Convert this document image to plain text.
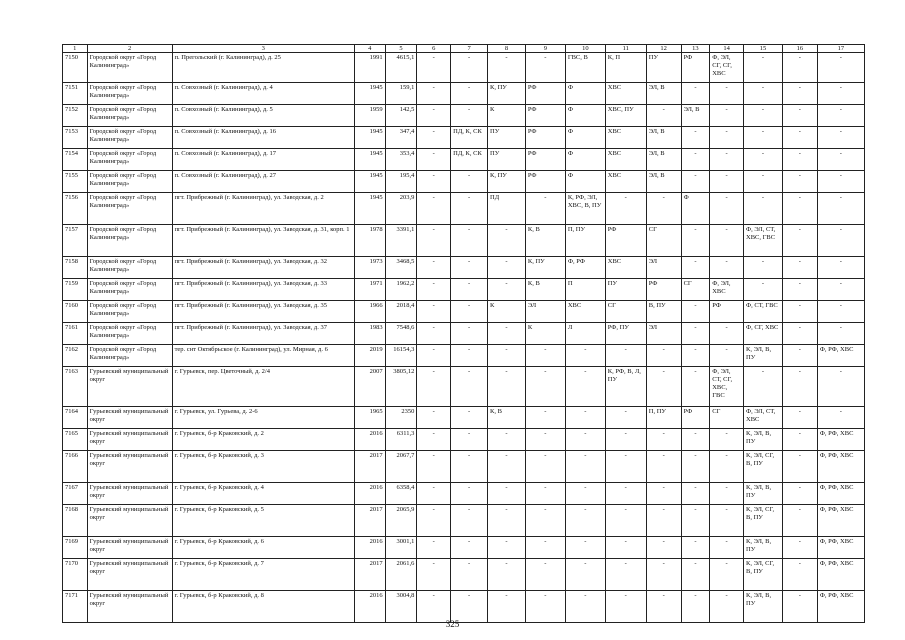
1	2	3	4	5	6	7	8	9	10	11	12	13	14	15	16	17
7150	Городской округ «Город Калининград»	п. Прегольский (г. Калининград), д. 25	1991	4615,1	-	-	-	-	ГВС, В	К, П	ПУ	РФ	Ф, ЭЛ, СГ, СГ, ХВС	-	-	-
7151	Городской округ «Город Калининград»	п. Совхозный (г. Калининград), д. 4	1945	159,1	-	-	К, ПУ	РФ	Ф	ХВС	ЭЛ, В	-	-	-	-	-
7152	Городской округ «Город Калининград»	п. Совхозный (г. Калининград), д. 5	1959	142,5	-	-	К	РФ	Ф	ХВС, ПУ	-	ЭЛ, В	-	-	-	-
7153	Городской округ «Город Калининград»	п. Совхозный (г. Калининград), д. 16	1945	347,4	-	ПД, К, СК	ПУ	РФ	Ф	ХВС	ЭЛ, В	-	-	-	-	-
7154	Городской округ «Город Калининград»	п. Совхозный (г. Калининград), д. 17	1945	353,4	-	ПД, К, СК	ПУ	РФ	Ф	ХВС	ЭЛ, В	-	-	-	-	-
7155	Городской округ «Город Калининград»	п. Совхозный (г. Калининград), д. 27	1945	195,4	-	-	К, ПУ	РФ	Ф	ХВС	ЭЛ, В	-	-	-	-	-
7156	Городской округ «Город Калининград»	пгт. Прибрежный (г. Калининград), ул. Заводская, д. 2	1945	203,9	-	-	ПД	-	К, РФ, ЭЛ, ХВС, В, ПУ	-	-	Ф	-	-	-	-
7157	Городской округ «Город Калининград»	пгт. Прибрежный (г. Калининград), ул. Заводская, д. 31, корп. 1	1978	3391,1	-	-	-	К, В	П, ПУ	РФ	СГ	-	-	Ф, ЭЛ, СТ, ХВС, ГВС	-	-
7158	Городской округ «Город Калининград»	пгт. Прибрежный (г. Калининград), ул. Заводская, д. 32	1973	3468,5	-	-	-	К, ПУ	Ф, РФ	ХВС	ЭЛ	-	-	-	-	-
7159	Городской округ «Город Калининград»	пгт. Прибрежный (г. Калининград), ул. Заводская, д. 33	1971	1962,2	-	-	-	К, В	П	ПУ	РФ	СГ	Ф, ЭЛ, ХВС	-	-	-
7160	Городской округ «Город Калининград»	пгт. Прибрежный (г. Калининград), ул. Заводская, д. 35	1966	2018,4	-	-	К	ЭЛ	ХВС	СГ	В, ПУ	-	РФ	Ф, СТ, ГВС	-	-
7161	Городской округ «Город Калининград»	пгт. Прибрежный (г. Калининград), ул. Заводская, д. 37	1983	7548,6	-	-	-	К	Л	РФ, ПУ	ЭЛ	-	-	Ф, СГ, ХВС	-	-
7162	Городской округ «Город Калининград»	тер. снт Октябрьское (г. Калининград), ул. Мирная, д. 6	2019	16154,3	-	-	-	-	-	-	-	-	-	К, ЭЛ, В, ПУ	-	Ф, РФ, ХВС
7163	Гурьевский муниципальный округ	г. Гурьевск, пер. Цветочный, д. 2/4	2007	3805,12	-	-	-	-	-	К, РФ, В, Л, ПУ	-	-	Ф, ЭЛ, СТ, СГ, ХВС, ГВС	-	-	-
7164	Гурьевский муниципальный округ	г. Гурьевск, ул. Гурьева, д. 2-6	1965	2350	-	-	К, В	-	-	-	П, ПУ	РФ	СГ	Ф, ЭЛ, СТ, ХВС	-	-
7165	Гурьевский муниципальный округ	г. Гурьевск, б-р Краковский, д. 2	2016	6311,3	-	-	-	-	-	-	-	-	-	К, ЭЛ, В, ПУ	-	Ф, РФ, ХВС
7166	Гурьевский муниципальный округ	г. Гурьевск, б-р Краковский, д. 3	2017	2067,7	-	-	-	-	-	-	-	-	-	К, ЭЛ, СГ, В, ПУ	-	Ф, РФ, ХВС
7167	Гурьевский муниципальный округ	г. Гурьевск, б-р Краковский, д. 4	2016	6358,4	-	-	-	-	-	-	-	-	-	К, ЭЛ, В, ПУ	-	Ф, РФ, ХВС
7168	Гурьевский муниципальный округ	г. Гурьевск, б-р Краковский, д. 5	2017	2065,9	-	-	-	-	-	-	-	-	-	К, ЭЛ, СГ, В, ПУ	-	Ф, РФ, ХВС
7169	Гурьевский муниципальный округ	г. Гурьевск, б-р Краковский, д. 6	2016	3001,1	-	-	-	-	-	-	-	-	-	К, ЭЛ, В, ПУ	-	Ф, РФ, ХВС
7170	Гурьевский муниципальный округ	г. Гурьевск, б-р Краковский, д. 7	2017	2061,6	-	-	-	-	-	-	-	-	-	К, ЭЛ, СГ, В, ПУ	-	Ф, РФ, ХВС
7171	Гурьевский муниципальный округ	г. Гурьевск, б-р Краковский, д. 8	2016	3004,8	-	-	-	-	-	-	-	-	-	К, ЭЛ, В, ПУ	-	Ф, РФ, ХВС
325
